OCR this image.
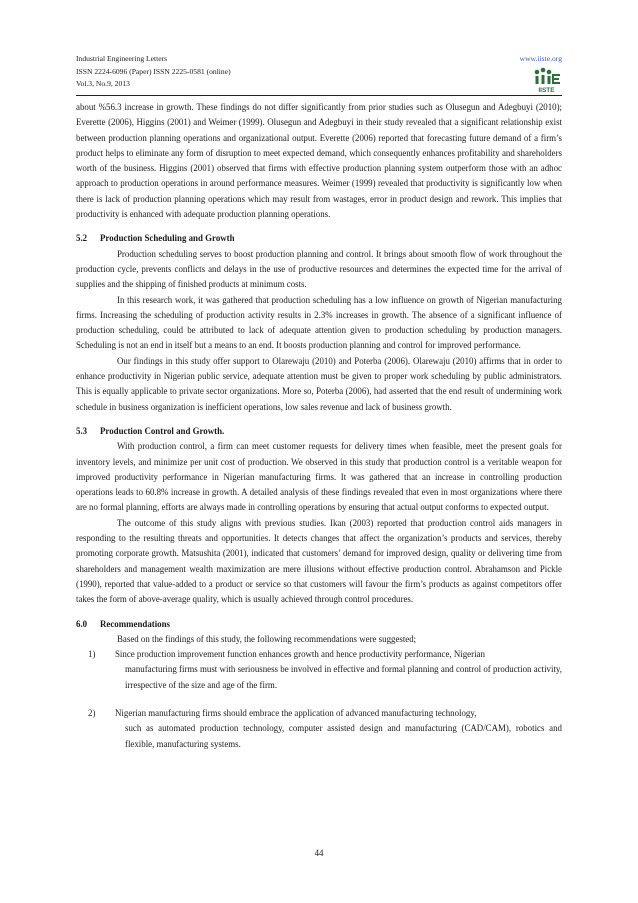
Industrial Engineering Letters
ISSN 2224-6096 (Paper) ISSN 2225-0581 (online)
Vol.3, No.9, 2013
www.iiste.org
IISTE

about %56.3 increase in growth. These findings do not differ significantly from prior studies such as Olusegun and Adegbuyi (2010); Everette (2006), Higgins (2001) and Weimer (1999). Olusegun and Adegbuyi in their study revealed that a significant relationship exist between production planning operations and organizational output. Everette (2006) reported that forecasting future demand of a firm’s product helps to eliminate any form of disruption to meet expected demand, which consequently enhances profitability and shareholders worth of the business. Higgins (2001) observed that firms with effective production planning system outperform those with an adhoc approach to production operations in around performance measures. Weimer (1999) revealed that productivity is significantly low when there is lack of production planning operations which may result from wastages, error in product design and rework. This implies that productivity is enhanced with adequate production planning operations.

5.2 Production Scheduling and Growth

Production scheduling serves to boost production planning and control. It brings about smooth flow of work throughout the production cycle, prevents conflicts and delays in the use of productive resources and determines the expected time for the arrival of supplies and the shipping of finished products at minimum costs.

In this research work, it was gathered that production scheduling has a low influence on growth of Nigerian manufacturing firms. Increasing the scheduling of production activity results in 2.3% increases in growth. The absence of a significant influence of production scheduling, could be attributed to lack of adequate attention given to production scheduling by production managers. Scheduling is not an end in itself but a means to an end. It boosts production planning and control for improved performance.

Our findings in this study offer support to Olarewaju (2010) and Poterba (2006). Olarewaju (2010) affirms that in order to enhance productivity in Nigerian public service, adequate attention must be given to proper work scheduling by public administrators. This is equally applicable to private sector organizations. More so, Poterba (2006), had asserted that the end result of undermining work schedule in business organization is inefficient operations, low sales revenue and lack of business growth.

5.3 Production Control and Growth.

With production control, a firm can meet customer requests for delivery times when feasible, meet the present goals for inventory levels, and minimize per unit cost of production. We observed in this study that production control is a veritable weapon for improved productivity performance in Nigerian manufacturing firms. It was gathered that an increase in controlling production operations leads to 60.8% increase in growth. A detailed analysis of these findings revealed that even in most organizations where there are no formal planning, efforts are always made in controlling operations by ensuring that actual output conforms to expected output.

The outcome of this study aligns with previous studies. Ikan (2003) reported that production control aids managers in responding to the resulting threats and opportunities. It detects changes that affect the organization’s products and services, thereby promoting corporate growth. Matsushita (2001), indicated that customers’ demand for improved design, quality or delivering time from shareholders and management wealth maximization are mere illusions without effective production control. Abrahamson and Pickle (1990), reported that value-added to a product or service so that customers will favour the firm’s products as against competitors offer takes the form of above-average quality, which is usually achieved through control procedures.

6.0 Recommendations

Based on the findings of this study, the following recommendations were suggested;

1) Since production improvement function enhances growth and hence productivity performance, Nigerian

manufacturing firms must with seriousness be involved in effective and formal planning and control of production activity, irrespective of the size and age of the firm.

2) Nigerian manufacturing firms should embrace the application of advanced manufacturing technology,

such as automated production technology, computer assisted design and manufacturing (CAD/CAM), robotics and flexible, manufacturing systems.

44
